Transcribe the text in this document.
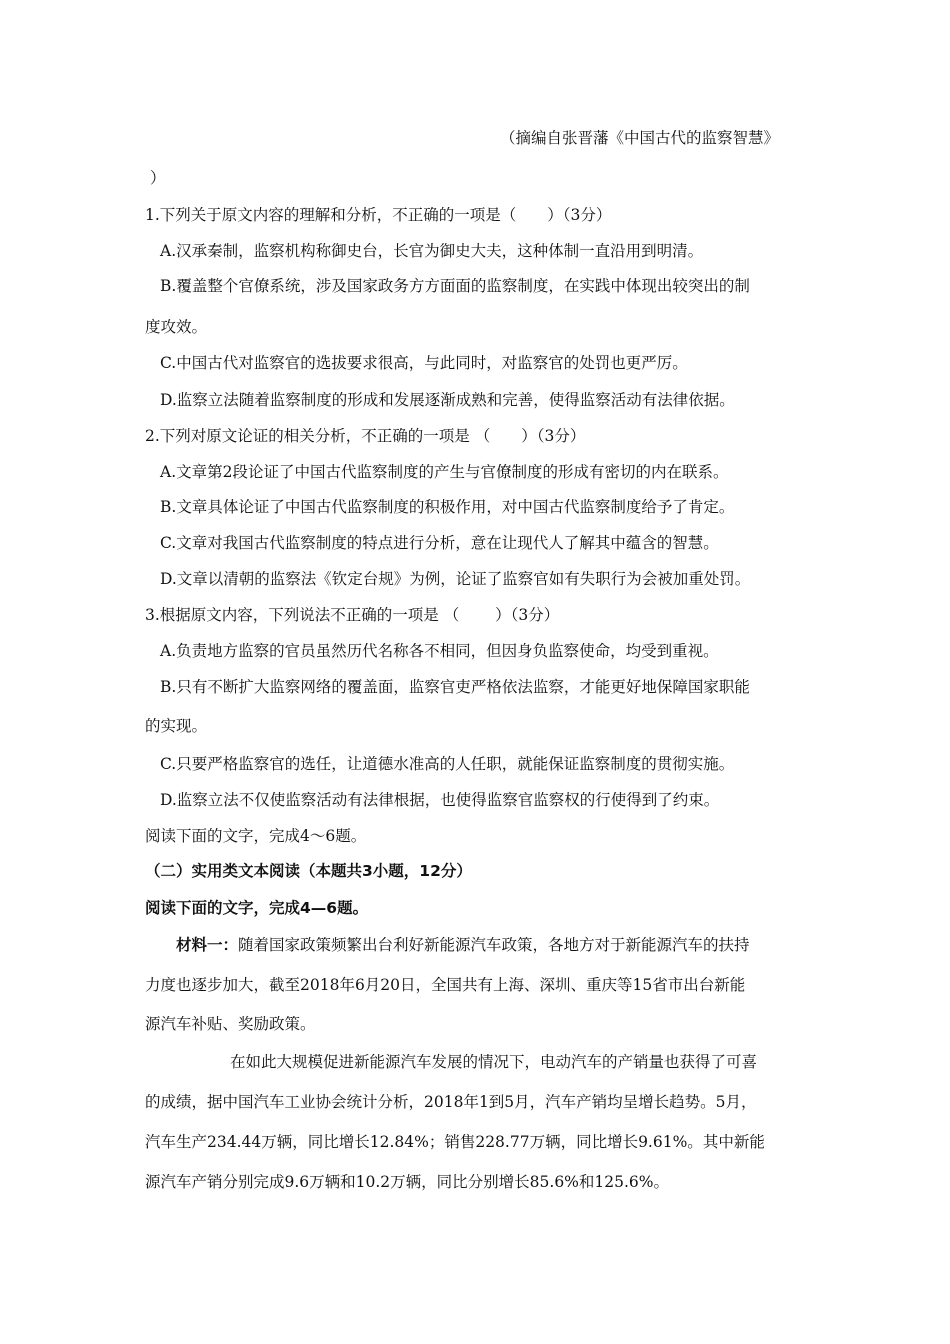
（摘编自张晋藩《中国古代的监察智慧》
）
1.下列关于原文内容的理解和分析，不正确的一项是（　　）（3分）
A.汉承秦制，监察机构称御史台，长官为御史大夫，这种体制一直沿用到明清。
B.覆盖整个官僚系统，涉及国家政务方方面面的监察制度，在实践中体现出较突出的制
度攻效。
C.中国古代对监察官的选拔要求很高，与此同时，对监察官的处罚也更严厉。
D.监察立法随着监察制度的形成和发展逐渐成熟和完善，使得监察活动有法律依据。
2.下列对原文论证的相关分析，不正确的一项是 （　　）（3分）
A.文章第2段论证了中国古代监察制度的产生与官僚制度的形成有密切的内在联系。
B.文章具体论证了中国古代监察制度的积极作用，对中国古代监察制度给予了肯定。
C.文章对我国古代监察制度的特点进行分析，意在让现代人了解其中蕴含的智慧。
D.文章以清朝的监察法《钦定台规》为例，论证了监察官如有失职行为会被加重处罚。
3.根据原文内容，下列说法不正确的一项是 （　　 ）（3分）
A.负责地方监察的官员虽然历代名称各不相同，但因身负监察使命，均受到重视。
B.只有不断扩大监察网络的覆盖面，监察官吏严格依法监察，才能更好地保障国家职能
的实现。
C.只要严格监察官的选任，让道德水准高的人任职，就能保证监察制度的贯彻实施。
D.监察立法不仅使监察活动有法律根据，也使得监察官监察权的行使得到了约束。
阅读下面的文字，完成4～6题。
（二）实用类文本阅读（本题共3小题，12分）
阅读下面的文字，完成4—6题。
材料一：随着国家政策频繁出台利好新能源汽车政策，各地方对于新能源汽车的扶持
力度也逐步加大，截至2018年6月20日，全国共有上海、深圳、重庆等15省市出台新能
源汽车补贴、奖励政策。
在如此大规模促进新能源汽车发展的情况下，电动汽车的产销量也获得了可喜
的成绩，据中国汽车工业协会统计分析，2018年1到5月，汽车产销均呈增长趋势。5月，
汽车生产234.44万辆，同比增长12.84%；销售228.77万辆，同比增长9.61%。其中新能
源汽车产销分别完成9.6万辆和10.2万辆，同比分别增长85.6%和125.6%。
